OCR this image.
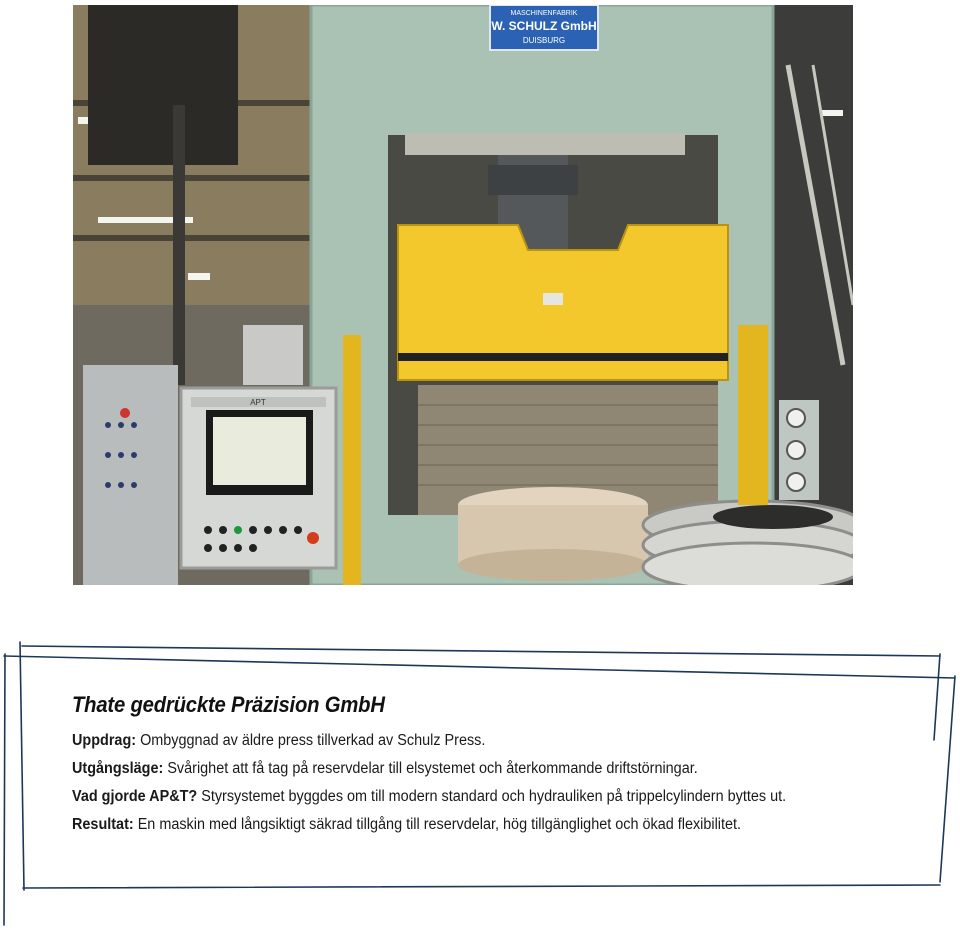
APT
MASCHINENFABRIK
W. SCHULZ GmbH
DUISBURG
Thate gedrückte Präzision GmbH
Uppdrag: Ombyggnad av äldre press tillverkad av Schulz Press.
Utgångsläge: Svårighet att få tag på reservdelar till elsystemet och återkommande driftstörningar.
Vad gjorde AP&T? Styrsystemet byggdes om till modern standard och hydrauliken på trippelcylindern byttes ut.
Resultat: En maskin med långsiktigt säkrad tillgång till reservdelar, hög tillgänglighet och ökad flexibilitet.
